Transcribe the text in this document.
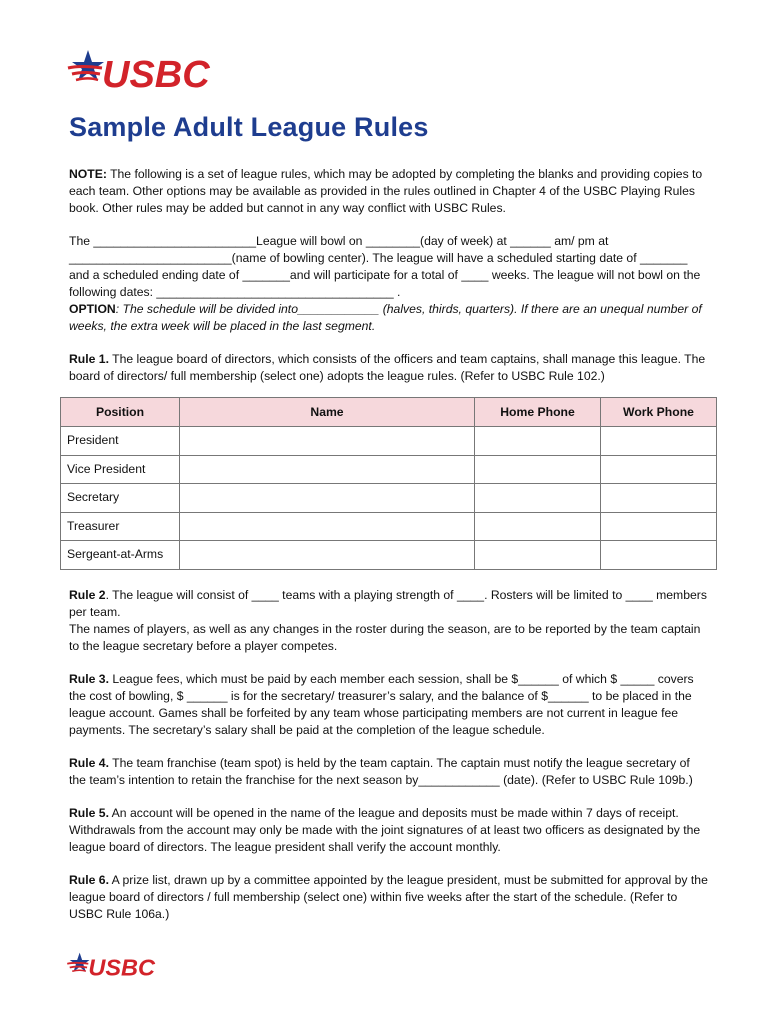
USBC
Sample Adult League Rules

NOTE: The following is a set of league rules, which may be adopted by completing the blanks and providing copies to each team. Other options may be available as provided in the rules outlined in Chapter 4 of the USBC Playing Rules book. Other rules may be added but cannot in any way conflict with USBC Rules.

The ________________________League will bowl on ________(day of week) at ______ am/ pm at ________________________(name of bowling center). The league will have a scheduled starting date of _______ and a scheduled ending date of _______and will participate for a total of ____ weeks. The league will not bowl on the following dates: ___________________________________ .

OPTION: The schedule will be divided into____________ (halves, thirds, quarters). If there are an unequal number of weeks, the extra week will be placed in the last segment.

Rule 1. The league board of directors, which consists of the officers and team captains, shall manage this league. The board of directors/ full membership (select one) adopts the league rules. (Refer to USBC Rule 102.)

Position	Name	Home Phone	Work Phone
President			
Vice President			
Secretary			
Treasurer			
Sergeant-at-Arms			

Rule 2. The league will consist of ____ teams with a playing strength of ____. Rosters will be limited to ____ members per team.

The names of players, as well as any changes in the roster during the season, are to be reported by the team captain to the league secretary before a player competes.

Rule 3. League fees, which must be paid by each member each session, shall be $______ of which $ _____ covers the cost of bowling, $ ______ is for the secretary/ treasurer’s salary, and the balance of $______ to be placed in the league account. Games shall be forfeited by any team whose participating members are not current in league fee payments. The secretary’s salary shall be paid at the completion of the league schedule.

Rule 4. The team franchise (team spot) is held by the team captain. The captain must notify the league secretary of the team’s intention to retain the franchise for the next season by____________ (date). (Refer to USBC Rule 109b.)

Rule 5. An account will be opened in the name of the league and deposits must be made within 7 days of receipt. Withdrawals from the account may only be made with the joint signatures of at least two officers as designated by the league board of directors. The league president shall verify the account monthly.

Rule 6. A prize list, drawn up by a committee appointed by the league president, must be submitted for approval by the league board of directors / full membership (select one) within five weeks after the start of the schedule. (Refer to USBC Rule 106a.)

USBC
